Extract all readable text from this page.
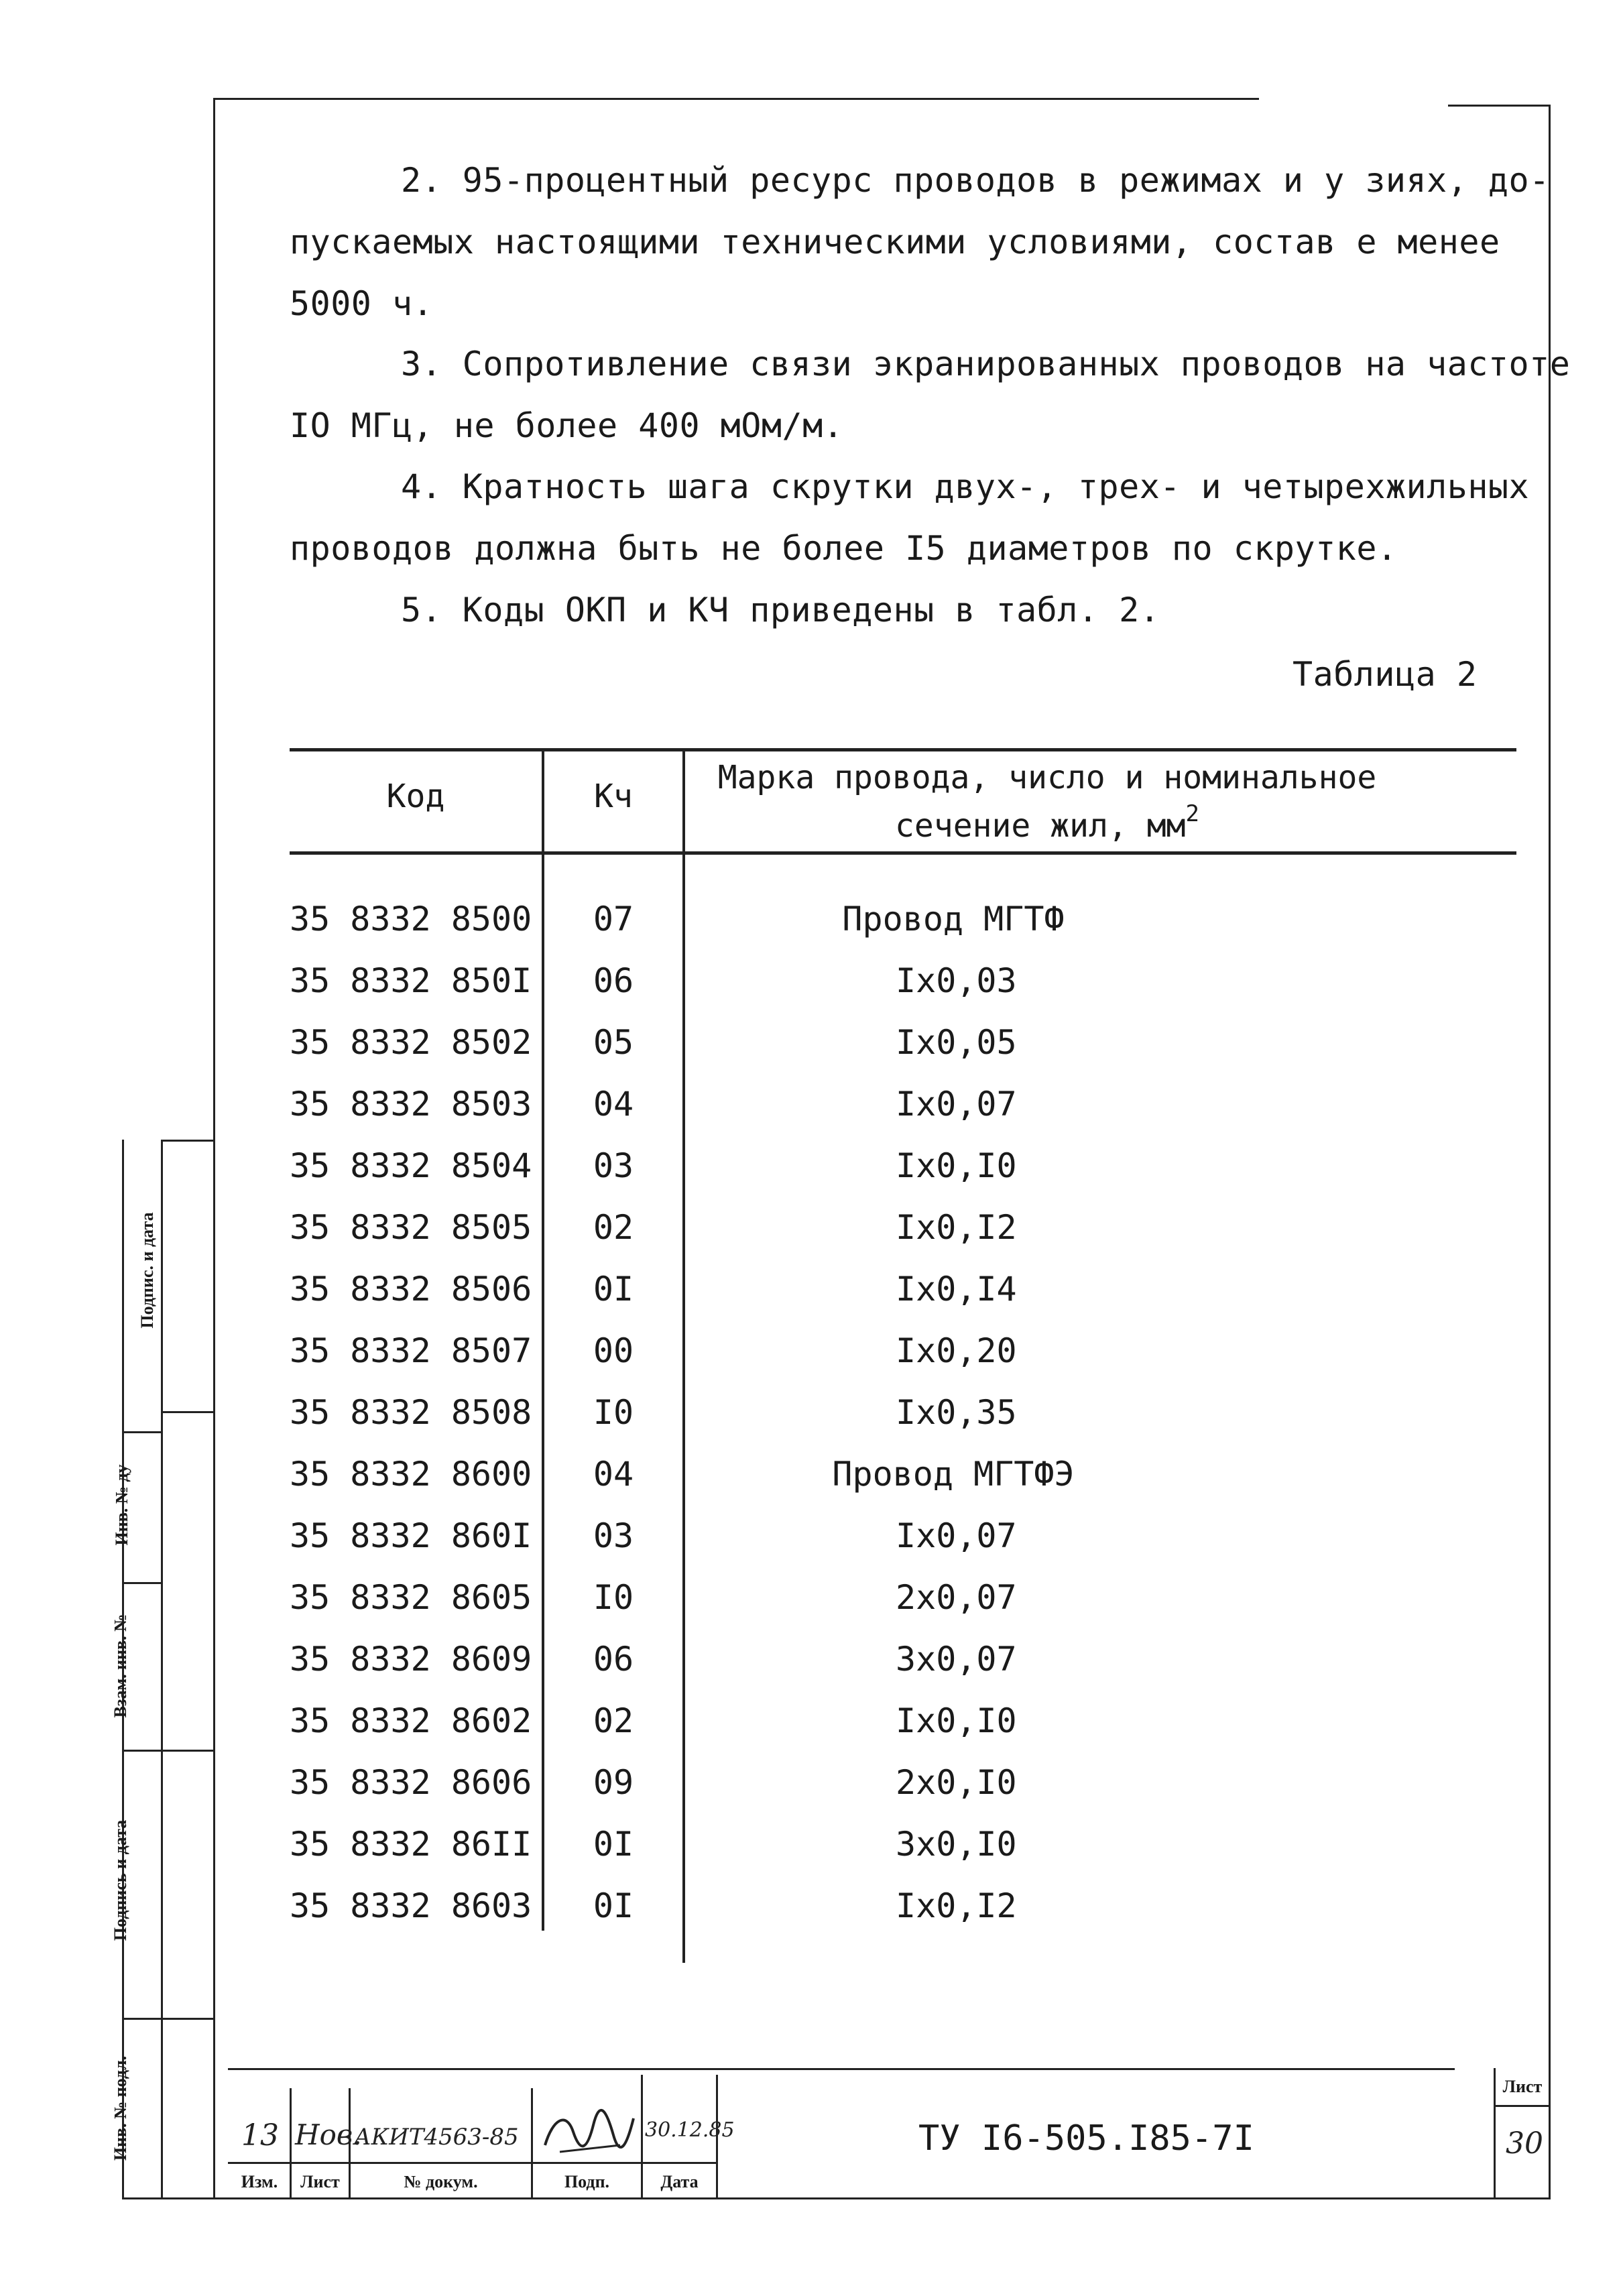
2. 95-процентный ресурс проводов в режимах и у зиях, до-
пускаемых настоящими техническими условиями, состав е менее
5000 ч.
3. Сопротивление связи экранированных проводов на частоте
IO МГц, не более 400 мОм/м.
4. Кратность шага скрутки двух-, трех- и четырехжильных
проводов должна быть не более I5 диаметров по скрутке.
5. Коды ОКП и КЧ приведены в табл. 2.
Таблица 2
Код	Кч	Марка провода, число и номинальное
сечение жил, $мм^2$
35 8332 8500	07	Провод МГТФ
35 8332 850I	06	Ix0,03
35 8332 8502	05	Ix0,05
35 8332 8503	04	Ix0,07
35 8332 8504	03	Ix0,I0
35 8332 8505	02	Ix0,I2
35 8332 8506	0I	Ix0,I4
35 8332 8507	00	Ix0,20
35 8332 8508	I0	Ix0,35
35 8332 8600	04	Провод МГТФЭ
35 8332 860I	03	Ix0,07
35 8332 8605	I0	2x0,07
35 8332 8609	06	3x0,07
35 8332 8602	02	Ix0,I0
35 8332 8606	09	2x0,I0
35 8332 86II	0I	3x0,I0
35 8332 8603	0I	Ix0,I2
Подпис. и дата
Инв. № ду
Взам. инв. №
Подпись и дата
Инв. № подл.
Изм.	Лист	№ докум.	Подп.	Дата
13 Нов.
АКИТ4563-85	30.12.85	ТУ I6-505.I85-7I
Лист
30
